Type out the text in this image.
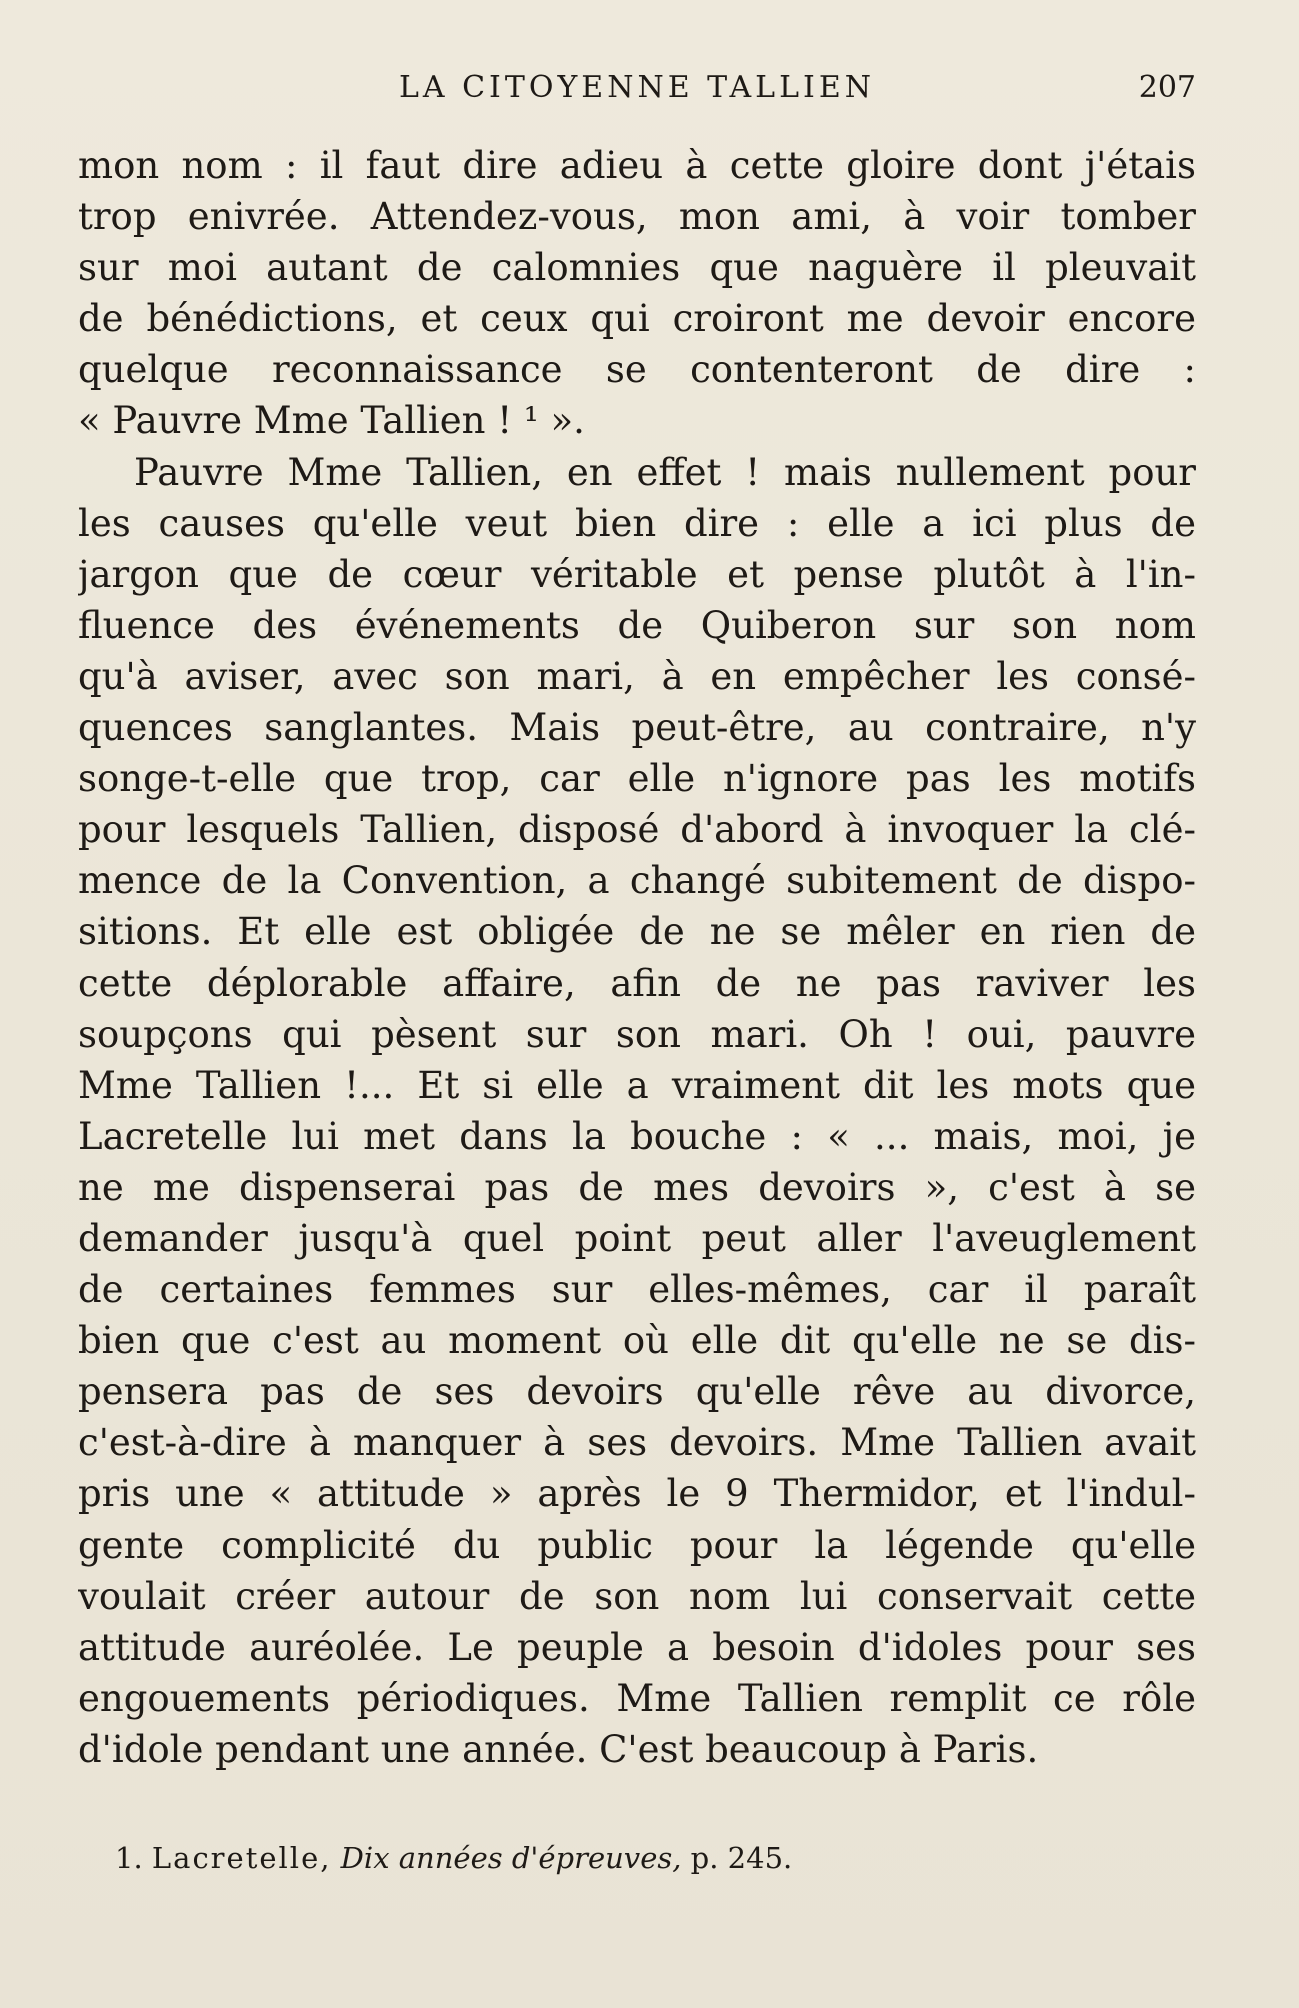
LA CITOYENNE TALLIEN	207
mon nom : il faut dire adieu à cette gloire dont j'étais
trop enivrée. Attendez-vous, mon ami, à voir tomber
sur moi autant de calomnies que naguère il pleuvait
de bénédictions, et ceux qui croiront me devoir encore
quelque reconnaissance se contenteront de dire :
« Pauvre Mme Tallien ! ¹ ».
Pauvre Mme Tallien, en effet ! mais nullement pour
les causes qu'elle veut bien dire : elle a ici plus de
jargon que de cœur véritable et pense plutôt à l'in-
fluence des événements de Quiberon sur son nom
qu'à aviser, avec son mari, à en empêcher les consé-
quences sanglantes. Mais peut-être, au contraire, n'y
songe-t-elle que trop, car elle n'ignore pas les motifs
pour lesquels Tallien, disposé d'abord à invoquer la clé-
mence de la Convention, a changé subitement de dispo-
sitions. Et elle est obligée de ne se mêler en rien de
cette déplorable affaire, afin de ne pas raviver les
soupçons qui pèsent sur son mari. Oh ! oui, pauvre
Mme Tallien !... Et si elle a vraiment dit les mots que
Lacretelle lui met dans la bouche : « ... mais, moi, je
ne me dispenserai pas de mes devoirs », c'est à se
demander jusqu'à quel point peut aller l'aveuglement
de certaines femmes sur elles-mêmes, car il paraît
bien que c'est au moment où elle dit qu'elle ne se dis-
pensera pas de ses devoirs qu'elle rêve au divorce,
c'est-à-dire à manquer à ses devoirs. Mme Tallien avait
pris une « attitude » après le 9 Thermidor, et l'indul-
gente complicité du public pour la légende qu'elle
voulait créer autour de son nom lui conservait cette
attitude auréolée. Le peuple a besoin d'idoles pour ses
engouements périodiques. Mme Tallien remplit ce rôle
d'idole pendant une année. C'est beaucoup à Paris.
1. Lacretelle, Dix années d'épreuves, p. 245.
